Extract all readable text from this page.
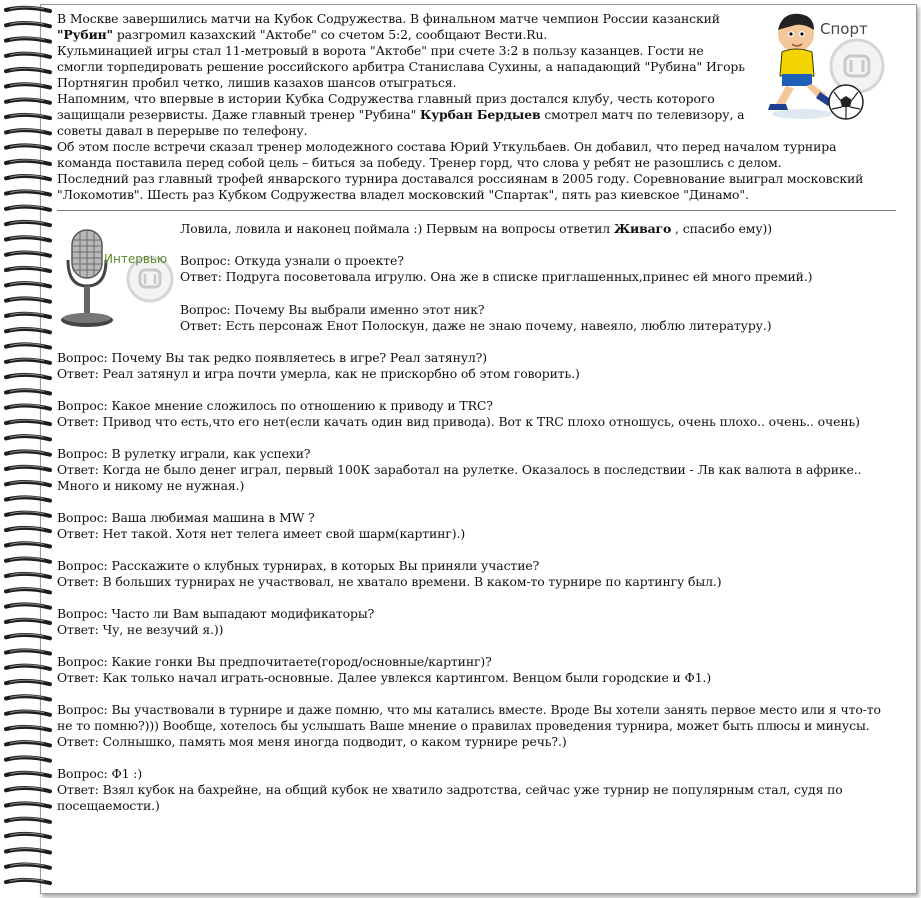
В Москве завершились матчи на Кубок Содружества. В финальном матче чемпион России казанский
"Рубин" разгромил казахский "Актобе" со счетом 5:2, сообщают Вести.Ru.
Кульминацией игры стал 11-метровый в ворота "Актобе" при счете 3:2 в пользу казанцев. Гости не
смогли торпедировать решение российского арбитра Станислава Сухины, а нападающий "Рубина" Игорь
Портнягин пробил четко, лишив казахов шансов отыграться.
Напомним, что впервые в истории Кубка Содружества главный приз достался клубу, честь которого
защищали резервисты. Даже главный тренер "Рубина" Курбан Бердыев смотрел матч по телевизору, а
советы давал в перерыве по телефону.
Об этом после встречи сказал тренер молодежного состава Юрий Уткульбаев. Он добавил, что перед началом турнира
команда поставила перед собой цель – биться за победу. Тренер горд, что слова у ребят не разошлись с делом.
Последний раз главный трофей январского турнира доставался россиянам в 2005 году. Соревнование выиграл московский
"Локомотив". Шесть раз Кубком Содружества владел московский "Спартак", пять раз киевское "Динамо".
Спорт
Интервью
Ловила, ловила и наконец поймала :) Первым на вопросы ответил Живаго , спасибо ему))
Вопрос: Откуда узнали о проекте?
Ответ: Подруга посоветовала игрулю. Она же в списке приглашенных,принес ей много премий.)
Вопрос: Почему Вы выбрали именно этот ник?
Ответ: Есть персонаж Енот Полоскун, даже не знаю почему, навеяло, люблю литературу.)
Вопрос: Почему Вы так редко появляетесь в игре? Реал затянул?)
Ответ: Реал затянул и игра почти умерла, как не прискорбно об этом говорить.)
Вопрос: Какое мнение сложилось по отношению к приводу и TRC?
Ответ: Привод что есть,что его нет(если качать один вид привода). Вот к TRC плохо отношусь, очень плохо.. очень.. очень)
Вопрос: В рулетку играли, как успехи?
Ответ: Когда не было денег играл, первый 100К заработал на рулетке. Оказалось в последствии - Лв как валюта в африке..
Много и никому не нужная.)
Вопрос: Ваша любимая машина в MW ?
Ответ: Нет такой. Хотя нет телега имеет свой шарм(картинг).)
Вопрос: Расскажите о клубных турнирах, в которых Вы приняли участие?
Ответ: В больших турнирах не участвовал, не хватало времени. В каком-то турнире по картингу был.)
Вопрос: Часто ли Вам выпадают модификаторы?
Ответ: Чу, не везучий я.))
Вопрос: Какие гонки Вы предпочитаете(город/основные/картинг)?
Ответ: Как только начал играть-основные. Далее увлекся картингом. Венцом были городские и Ф1.)
Вопрос: Вы участвовали в турнире и даже помню, что мы катались вместе. Вроде Вы хотели занять первое место или я что-то
не то помню?))) Вообще, хотелось бы услышать Ваше мнение о правилах проведения турнира, может быть плюсы и минусы.
Ответ: Солнышко, память моя меня иногда подводит, о каком турнире речь?.)
Вопрос: Ф1 :)
Ответ: Взял кубок на бахрейне, на общий кубок не хватило задротства, сейчас уже турнир не популярным стал, судя по
посещаемости.)
